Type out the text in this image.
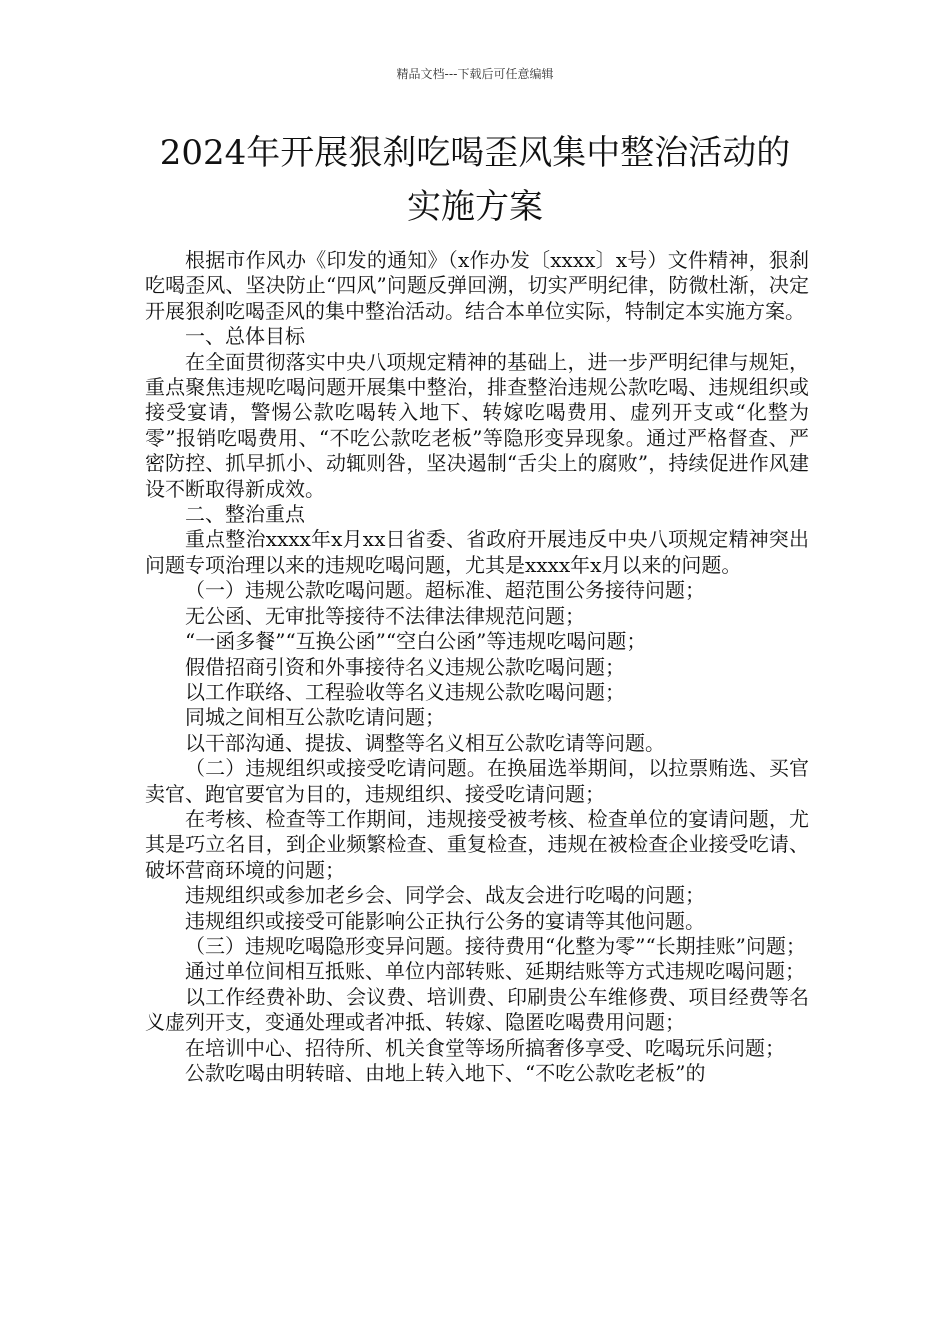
精品文档---下载后可任意编辑
2024年开展狠刹吃喝歪风集中整治活动的
实施方案

根据市作风办《印发的通知》（x作办发〔xxxx〕x号）文件精神，狠刹吃喝歪风、坚决防止“四风”问题反弹回溯，切实严明纪律，防微杜渐，决定开展狠刹吃喝歪风的集中整治活动。结合本单位实际，特制定本实施方案。

一、总体目标

在全面贯彻落实中央八项规定精神的基础上，进一步严明纪律与规矩，重点聚焦违规吃喝问题开展集中整治，排查整治违规公款吃喝、违规组织或接受宴请，警惕公款吃喝转入地下、转嫁吃喝费用、虚列开支或“化整为零”报销吃喝费用、“不吃公款吃老板”等隐形变异现象。通过严格督查、严密防控、抓早抓小、动辄则咎，坚决遏制“舌尖上的腐败”，持续促进作风建设不断取得新成效。

二、整治重点

重点整治xxxx年x月xx日省委、省政府开展违反中央八项规定精神突出问题专项治理以来的违规吃喝问题，尤其是xxxx年x月以来的问题。

（一）违规公款吃喝问题。超标准、超范围公务接待问题；

无公函、无审批等接待不法律法律规范问题；

“一函多餐”“互换公函”“空白公函”等违规吃喝问题；

假借招商引资和外事接待名义违规公款吃喝问题；

以工作联络、工程验收等名义违规公款吃喝问题；

同城之间相互公款吃请问题；

以干部沟通、提拔、调整等名义相互公款吃请等问题。

（二）违规组织或接受吃请问题。在换届选举期间，以拉票贿选、买官卖官、跑官要官为目的，违规组织、接受吃请问题；

在考核、检查等工作期间，违规接受被考核、检查单位的宴请问题，尤其是巧立名目，到企业频繁检查、重复检查，违规在被检查企业接受吃请、破坏营商环境的问题；

违规组织或参加老乡会、同学会、战友会进行吃喝的问题；

违规组织或接受可能影响公正执行公务的宴请等其他问题。

（三）违规吃喝隐形变异问题。接待费用“化整为零”“长期挂账”问题；

通过单位间相互抵账、单位内部转账、延期结账等方式违规吃喝问题；

以工作经费补助、会议费、培训费、印刷贵公车维修费、项目经费等名义虚列开支，变通处理或者冲抵、转嫁、隐匿吃喝费用问题；

在培训中心、招待所、机关食堂等场所搞奢侈享受、吃喝玩乐问题；

公款吃喝由明转暗、由地上转入地下、“不吃公款吃老板”的
